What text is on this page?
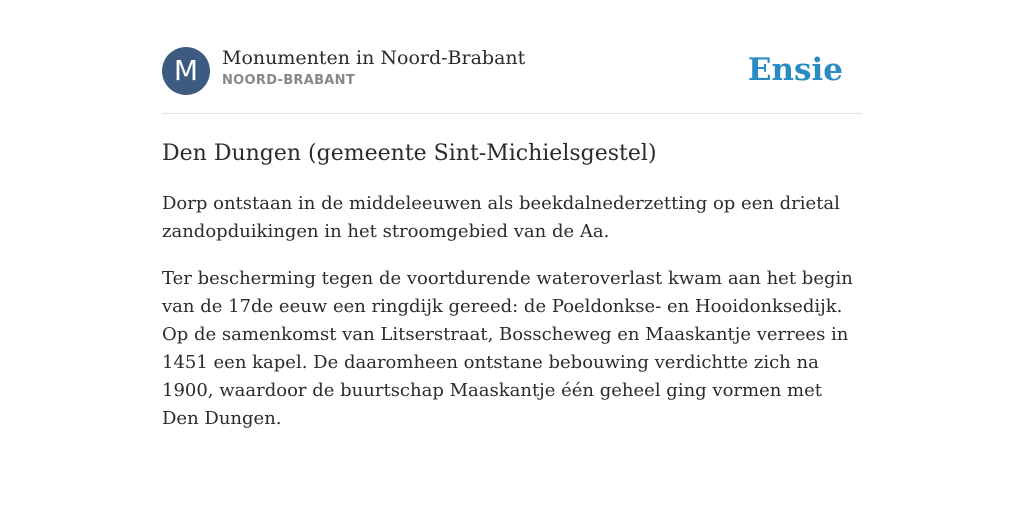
M	Monumenten in Noord-Brabant
NOORD-BRABANT	Ensie
Den Dungen (gemeente Sint-Michielsgestel)

Dorp ontstaan in de middeleeuwen als beekdalnederzetting op een drietal zandopduikingen in het stroomgebied van de Aa.

Ter bescherming tegen de voortdurende wateroverlast kwam aan het begin van de 17de eeuw een ringdijk gereed: de Poeldonkse- en Hooidonksedijk. Op de samenkomst van Litserstraat, Bosscheweg en Maaskantje verrees in 1451 een kapel. De daaromheen ontstane bebouwing verdichtte zich na 1900, waardoor de buurtschap Maaskantje één geheel ging vormen met Den Dungen.
